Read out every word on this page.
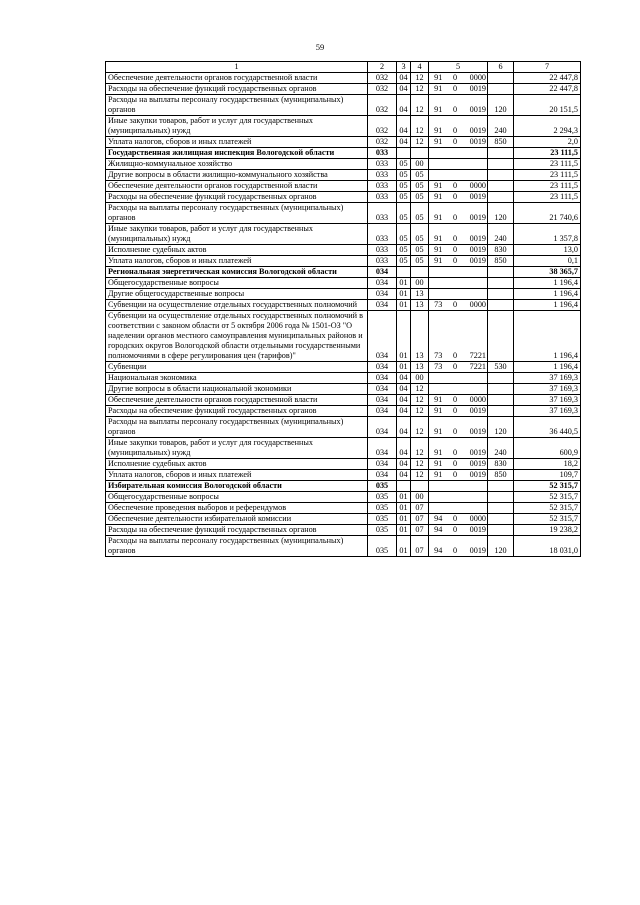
59
1	2	3	4	5			6	7
Обеспечение деятельности органов государственной власти	032	04	12	91	0	0000		22 447,8
Расходы на обеспечение функций государственных органов	032	04	12	91	0	0019		22 447,8
Расходы на выплаты персоналу государственных (муниципальных) органов	032	04	12	91	0	0019	120	20 151,5
Иные закупки товаров, работ и услуг для государственных (муниципальных) нужд	032	04	12	91	0	0019	240	2 294,3
Уплата налогов, сборов и иных платежей	032	04	12	91	0	0019	850	2,0
Государственная жилищная инспекция Вологодской области	033							23 111,5
Жилищно-коммунальное хозяйство	033	05	00					23 111,5
Другие вопросы в области жилищно-коммунального хозяйства	033	05	05					23 111,5
Обеспечение деятельности органов государственной власти	033	05	05	91	0	0000		23 111,5
Расходы на обеспечение функций государственных органов	033	05	05	91	0	0019		23 111,5
Расходы на выплаты персоналу государственных (муниципальных) органов	033	05	05	91	0	0019	120	21 740,6
Иные закупки товаров, работ и услуг для государственных (муниципальных) нужд	033	05	05	91	0	0019	240	1 357,8
Исполнение судебных актов	033	05	05	91	0	0019	830	13,0
Уплата налогов, сборов и иных платежей	033	05	05	91	0	0019	850	0,1
Региональная энергетическая комиссия Вологодской области	034							38 365,7
Общегосударственные вопросы	034	01	00					1 196,4
Другие общегосударственные вопросы	034	01	13					1 196,4
Субвенции на осуществление отдельных государственных полномочий	034	01	13	73	0	0000		1 196,4
Субвенции на осуществление отдельных государственных полномочий в соответствии с законом области от 5 октября 2006 года № 1501-ОЗ "О наделении органов местного самоуправления муниципальных районов и городских округов Вологодской области отдельными государственными полномочиями в сфере регулирования цен (тарифов)"	034	01	13	73	0	7221		1 196,4
Субвенции	034	01	13	73	0	7221	530	1 196,4
Национальная экономика	034	04	00					37 169,3
Другие вопросы в области национальной экономики	034	04	12					37 169,3
Обеспечение деятельности органов государственной власти	034	04	12	91	0	0000		37 169,3
Расходы на обеспечение функций государственных органов	034	04	12	91	0	0019		37 169,3
Расходы на выплаты персоналу государственных (муниципальных) органов	034	04	12	91	0	0019	120	36 440,5
Иные закупки товаров, работ и услуг для государственных (муниципальных) нужд	034	04	12	91	0	0019	240	600,9
Исполнение судебных актов	034	04	12	91	0	0019	830	18,2
Уплата налогов, сборов и иных платежей	034	04	12	91	0	0019	850	109,7
Избирательная комиссия Вологодской области	035							52 315,7
Общегосударственные вопросы	035	01	00					52 315,7
Обеспечение проведения выборов и референдумов	035	01	07					52 315,7
Обеспечение деятельности избирательной комиссии	035	01	07	94	0	0000		52 315,7
Расходы на обеспечение функций государственных органов	035	01	07	94	0	0019		19 238,2
Расходы на выплаты персоналу государственных (муниципальных) органов	035	01	07	94	0	0019	120	18 031,0
